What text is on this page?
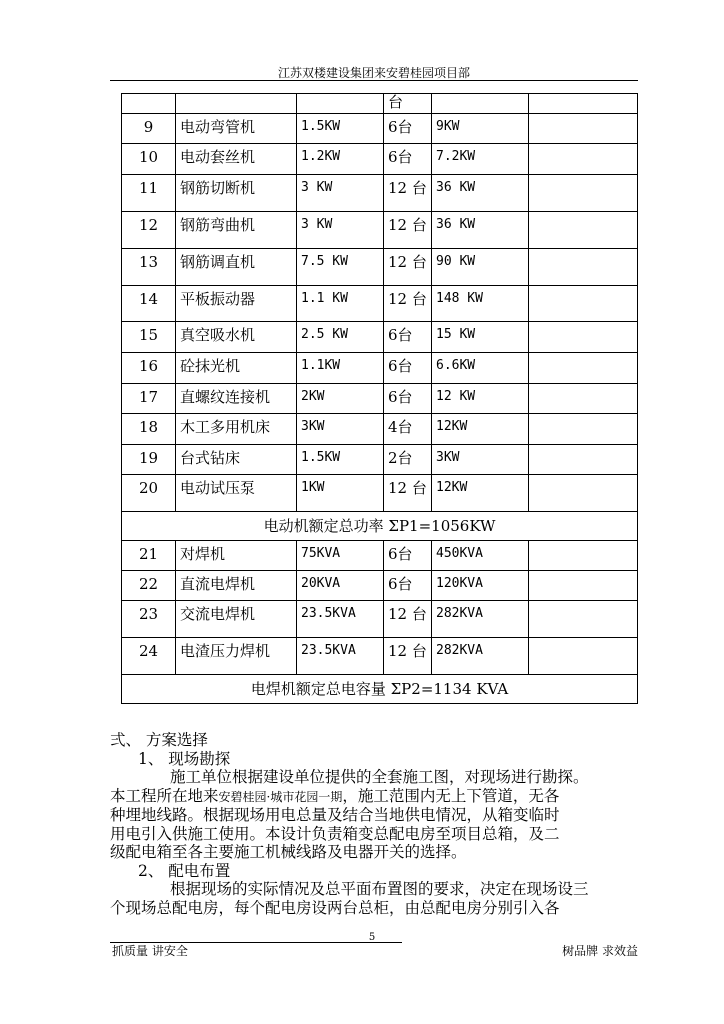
江苏双楼建设集团来安碧桂园项目部
			台		
9	电动弯管机	1.5KW	6台	9KW	
10	电动套丝机	1.2KW	6台	7.2KW	
11	钢筋切断机	3 KW	12 台	36 KW	
12	钢筋弯曲机	3 KW	12 台	36 KW	
13	钢筋调直机	7.5 KW	12 台	90 KW	
14	平板振动器	1.1 KW	12 台	148 KW	
15	真空吸水机	2.5 KW	6台	15 KW	
16	砼抹光机	1.1KW	6台	6.6KW	
17	直螺纹连接机	2KW	6台	12 KW	
18	木工多用机床	3KW	4台	12KW	
19	台式钻床	1.5KW	2台	3KW	
20	电动试压泵	1KW	12 台	12KW	
电动机额定总功率 ΣP1=1056KW					
21	对焊机	75KVA	6台	450KVA	
22	直流电焊机	20KVA	6台	120KVA	
23	交流电焊机	23.5KVA	12 台	282KVA	
24	电渣压力焊机	23.5KVA	12 台	282KVA	
电焊机额定总电容量 ΣP2=1134 KVA					

弍、 方案选择

1、 现场勘探

施工单位根据建设单位提供的全套施工图，对现场进行勘探。

本工程所在地来安碧桂园·城市花园一期，施工范围内无上下管道，无各

种埋地线路。根据现场用电总量及结合当地供电情况，从箱变临时

用电引入供施工使用。本设计负责箱变总配电房至项目总箱，及二

级配电箱至各主要施工机械线路及电器开关的选择。

2、 配电布置

根据现场的实际情况及总平面布置图的要求，决定在现场设三

个现场总配电房，每个配电房设两台总柜，由总配电房分别引入各

5
抓质量 讲安全	树品牌 求效益
